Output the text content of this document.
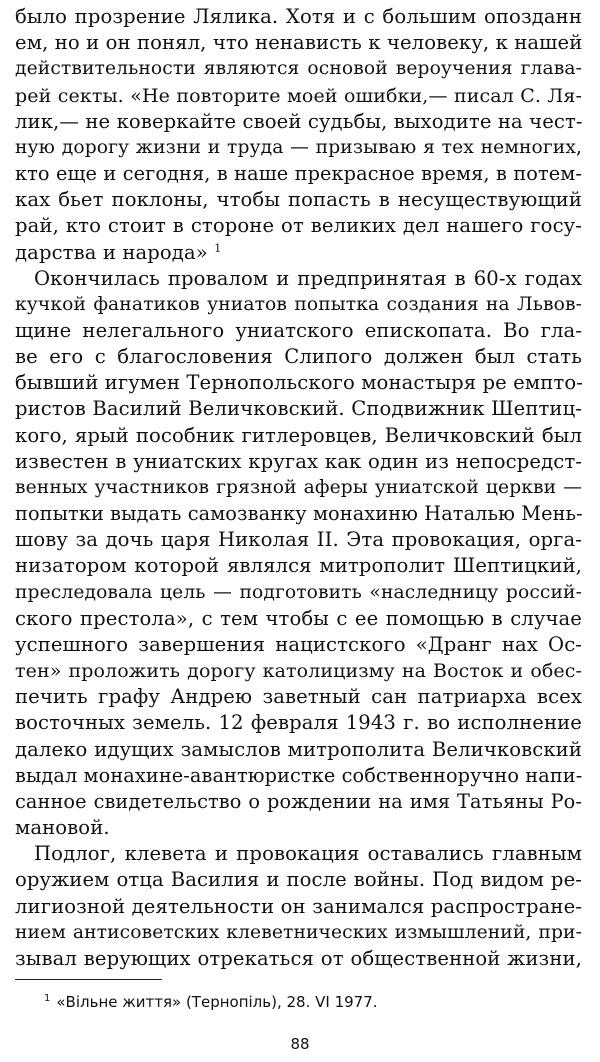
было прозрение Лялика. Хотя и с большим опозданн
ем, но и он понял, что ненависть к человеку, к нашей
действительности являются основой вероучения глава-
рей секты. «Не повторите моей ошибки,— писал С. Ля-
лик,— не коверкайте своей судьбы, выходите на чест-
ную дорогу жизни и труда — призываю я тех немногих,
кто еще и сегодня, в наше прекрасное время, в потем-
ках бьет поклоны, чтобы попасть в несуществующий
рай, кто стоит в стороне от великих дел нашего госу-
дарства и народа» $^1$
Окончилась провалом и предпринятая в 60-х годах
кучкой фанатиков униатов попытка создания на Львов-
щине нелегального униатского епископата. Во гла-
ве его с благословения Слипого должен был стать
бывший игумен Тернопольского монастыря ре емпто-
ристов Василий Величковский. Сподвижник Шептиц-
кого, ярый пособник гитлеровцев, Величковский был
известен в униатских кругах как один из непосредст-
венных участников грязной аферы униатской церкви —
попытки выдать самозванку монахиню Наталью Мень-
шову за дочь царя Николая II. Эта провокация, орга-
низатором которой являлся митрополит Шептицкий,
преследовала цель — подготовить «наследницу россий-
ского престола», с тем чтобы с ее помощью в случае
успешного завершения нацистского «Дранг нах Ос-
тен» проложить дорогу католицизму на Восток и обес-
печить графу Андрею заветный сан патриарха всех
восточных земель. 12 февраля 1943 г. во исполнение
далеко идущих замыслов митрополита Величковский
выдал монахине-авантюристке собственноручно напи-
санное свидетельство о рождении на имя Татьяны Ро-
мановой.
Подлог, клевета и провокация оставались главным
оружием отца Василия и после войны. Под видом ре-
лигиозной деятельности он занимался распростране-
нием антисоветских клеветнических измышлений, при-
зывал верующих отрекаться от общественной жизни,
$^1$ «Вільне життя» (Тернопіль), 28. VI 1977.
88
